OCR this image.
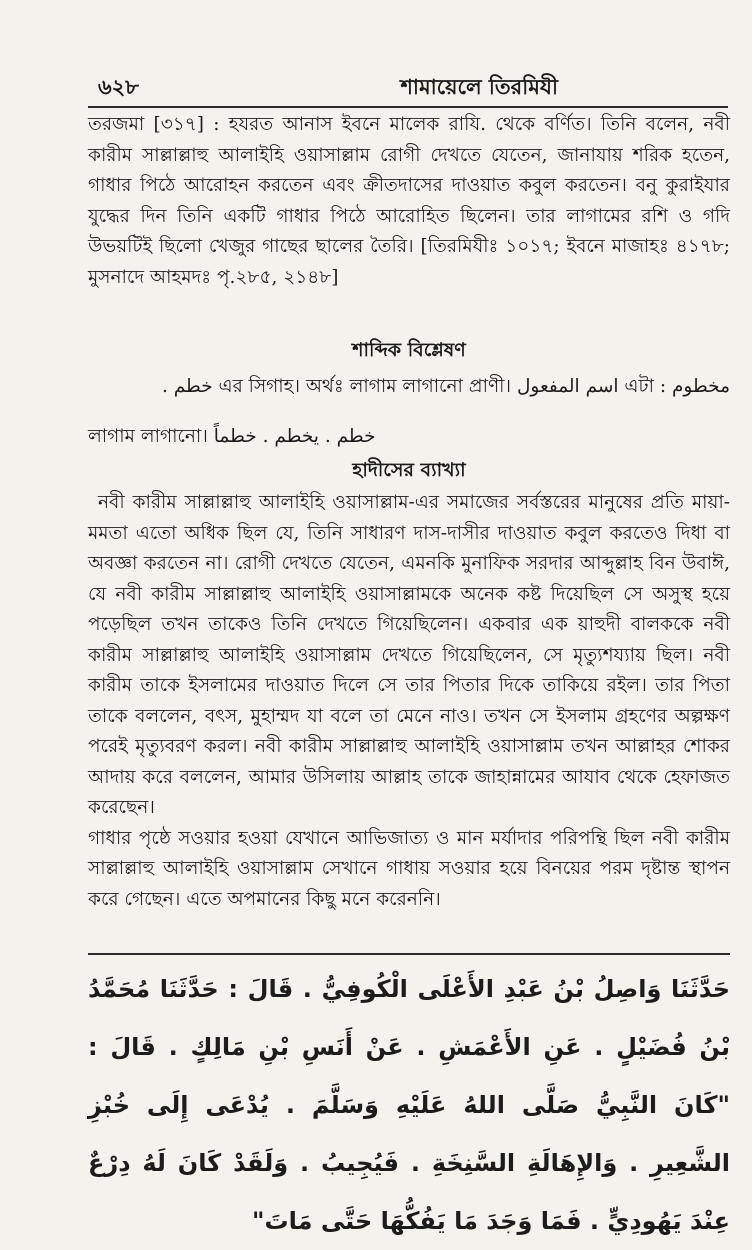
৬২৮	শামায়েলে তিরমিযী
তরজমা [৩১৭] : হযরত আনাস ইবনে মালেক রাযি. থেকে বর্ণিত। তিনি বলেন, নবী কারীম সাল্লাল্লাহু আলাইহি ওয়াসাল্লাম রোগী দেখতে যেতেন, জানাযায় শরিক হতেন, গাধার পিঠে আরোহন করতেন এবং ক্রীতদাসের দাওয়াত কবুল করতেন। বনু কুরাইযার যুদ্ধের দিন তিনি একটি গাধার পিঠে আরোহিত ছিলেন। তার লাগামের রশি ও গদি উভয়টিই ছিলো খেজুর গাছের ছালের তৈরি। [তিরমিযীঃ ১০১৭; ইবনে মাজাহঃ ৪১৭৮; মুসনাদে আহমদঃ পৃ.২৮৫, ২১৪৮]
শাব্দিক বিশ্লেষণ
مخطوم : এটা اسم المفعول এর সিগাহ। অর্থঃ লাগাম লাগানো প্রাণী। خطم .
خطم . يخطم . خطماً লাগাম লাগানো।
হাদীসের ব্যাখ্যা

নবী কারীম সাল্লাল্লাহু আলাইহি ওয়াসাল্লাম-এর সমাজের সর্বস্তরের মানুষের প্রতি মায়া-মমতা এতো অধিক ছিল যে, তিনি সাধারণ দাস-দাসীর দাওয়াত কবুল করতেও দিধা বা অবজ্ঞা করতেন না। রোগী দেখতে যেতেন, এমনকি মুনাফিক সরদার আব্দুল্লাহ বিন উবাঈ, যে নবী কারীম সাল্লাল্লাহু আলাইহি ওয়াসাল্লামকে অনেক কষ্ট দিয়েছিল সে অসুস্থ হয়ে পড়েছিল তখন তাকেও তিনি দেখতে গিয়েছিলেন। একবার এক য়াহুদী বালককে নবী কারীম সাল্লাল্লাহু আলাইহি ওয়াসাল্লাম দেখতে গিয়েছিলেন, সে মৃত্যুশয্যায় ছিল। নবী কারীম তাকে ইসলামের দাওয়াত দিলে সে তার পিতার দিকে তাকিয়ে রইল। তার পিতা তাকে বললেন, বৎস, মুহাম্মদ যা বলে তা মেনে নাও। তখন সে ইসলাম গ্রহণের অল্পক্ষণ পরেই মৃত্যুবরণ করল। নবী কারীম সাল্লাল্লাহু আলাইহি ওয়াসাল্লাম তখন আল্লাহর শোকর আদায় করে বললেন, আমার উসিলায় আল্লাহ তাকে জাহান্নামের আযাব থেকে হেফাজত করেছেন।

গাধার পৃষ্ঠে সওয়ার হওয়া যেখানে আভিজাত্য ও মান মর্যাদার পরিপন্থি ছিল নবী কারীম সাল্লাল্লাহু আলাইহি ওয়াসাল্লাম সেখানে গাধায় সওয়ার হয়ে বিনয়ের পরম দৃষ্টান্ত স্থাপন করে গেছেন। এতে অপমানের কিছু মনে করেননি।

حَدَّثَنَا وَاصِلُ بْنُ عَبْدِ الأَعْلَى الْكُوفِيُّ . قَالَ : حَدَّثَنَا مُحَمَّدُ بْنُ فُضَيْلٍ . عَنِ الأَعْمَشِ . عَنْ أَنَسِ بْنِ مَالِكٍ . قَالَ : "كَانَ النَّبِيُّ صَلَّى اللهُ عَلَيْهِ وَسَلَّمَ . يُدْعَى إِلَى خُبْزِ الشَّعِيرِ . وَالإِهَالَةِ السَّنِخَةِ . فَيُجِيبُ . وَلَقَدْ كَانَ لَهُ دِرْعٌ عِنْدَ يَهُودِيٍّ . فَمَا وَجَدَ مَا يَفُكُّهَا حَتَّى مَاتَ"
